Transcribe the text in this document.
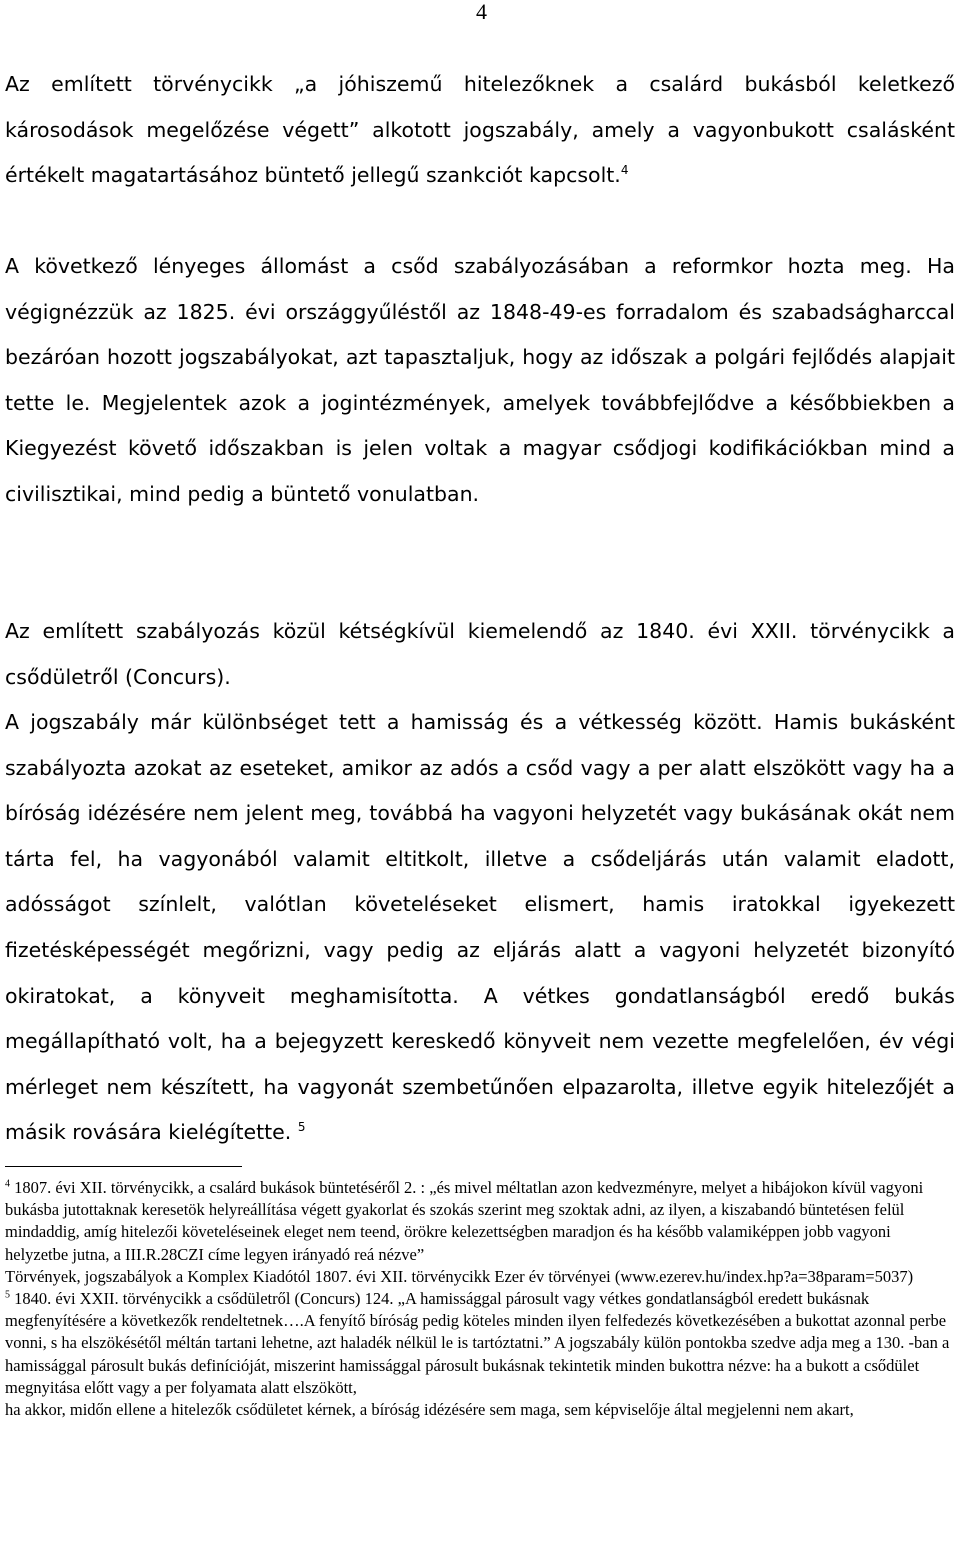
4

Az említett törvénycikk „a jóhiszemű hitelezőknek a csalárd bukásból keletkező károsodások megelőzése végett” alkotott jogszabály, amely a vagyonbukott csalásként értékelt magatartásához büntető jellegű szankciót kapcsolt.$^4$

A következő lényeges állomást a csőd szabályozásában a reformkor hozta meg. Ha végignézzük az 1825. évi országgyűléstől az 1848-49-es forradalom és szabadságharccal bezáróan hozott jogszabályokat, azt tapasztaljuk, hogy az időszak a polgári fejlődés alapjait tette le. Megjelentek azok a jogintézmények, amelyek továbbfejlődve a későbbiekben a Kiegyezést követő időszakban is jelen voltak a magyar csődjogi kodifikációkban mind a civilisztikai, mind pedig a büntető vonulatban.

Az említett szabályozás közül kétségkívül kiemelendő az 1840. évi XXII. törvénycikk a csődületről (Concurs).

A jogszabály már különbséget tett a hamisság és a vétkesség között. Hamis bukásként szabályozta azokat az eseteket, amikor az adós a csőd vagy a per alatt elszökött vagy ha a bíróság idézésére nem jelent meg, továbbá ha vagyoni helyzetét vagy bukásának okát nem tárta fel, ha vagyonából valamit eltitkolt, illetve a csődeljárás után valamit eladott, adósságot színlelt, valótlan követeléseket elismert, hamis iratokkal igyekezett fizetésképességét megőrizni, vagy pedig az eljárás alatt a vagyoni helyzetét bizonyító okiratokat, a könyveit meghamisította. A vétkes gondatlanságból eredő bukás megállapítható volt, ha a bejegyzett kereskedő könyveit nem vezette megfelelően, év végi mérleget nem készített, ha vagyonát szembetűnően elpazarolta, illetve egyik hitelezőjét a másik rovására kielégítette. $^5$

$^4$ 1807. évi XII. törvénycikk, a csalárd bukások büntetéséről 2. : „és mivel méltatlan azon kedvezményre, melyet a hibájokon kívül vagyoni bukásba jutottaknak keresetök helyreállítása végett gyakorlat és szokás szerint meg szoktak adni, az ilyen, a kiszabandó büntetésen felül mindaddig, amíg hitelezői követeléseinek eleget nem teend, örökre kelezettségben maradjon és ha később valamiképpen jobb vagyoni helyzetbe jutna, a III.R.28CZI címe legyen irányadó reá nézve”

Törvények, jogszabályok a Komplex Kiadótól 1807. évi XII. törvénycikk Ezer év törvényei (www.ezerev.hu/index.hp?a=38param=5037)

$^5$ 1840. évi XXII. törvénycikk a csődületről (Concurs) 124. „A hamissággal párosult vagy vétkes gondatlanságból eredett bukásnak megfenyítésére a következők rendeltetnek….A fenyítő bíróság pedig köteles minden ilyen felfedezés következésében a bukottat azonnal perbe vonni, s ha elszökésétől méltán tartani lehetne, azt haladék nélkül le is tartóztatni.” A jogszabály külön pontokba szedve adja meg a 130. -ban a hamissággal párosult bukás definícióját, miszerint hamissággal párosult bukásnak tekintetik minden bukottra nézve: ha a bukott a csődület megnyitása előtt vagy a per folyamata alatt elszökött,

ha akkor, midőn ellene a hitelezők csődületet kérnek, a bíróság idézésére sem maga, sem képviselője által megjelenni nem akart,
